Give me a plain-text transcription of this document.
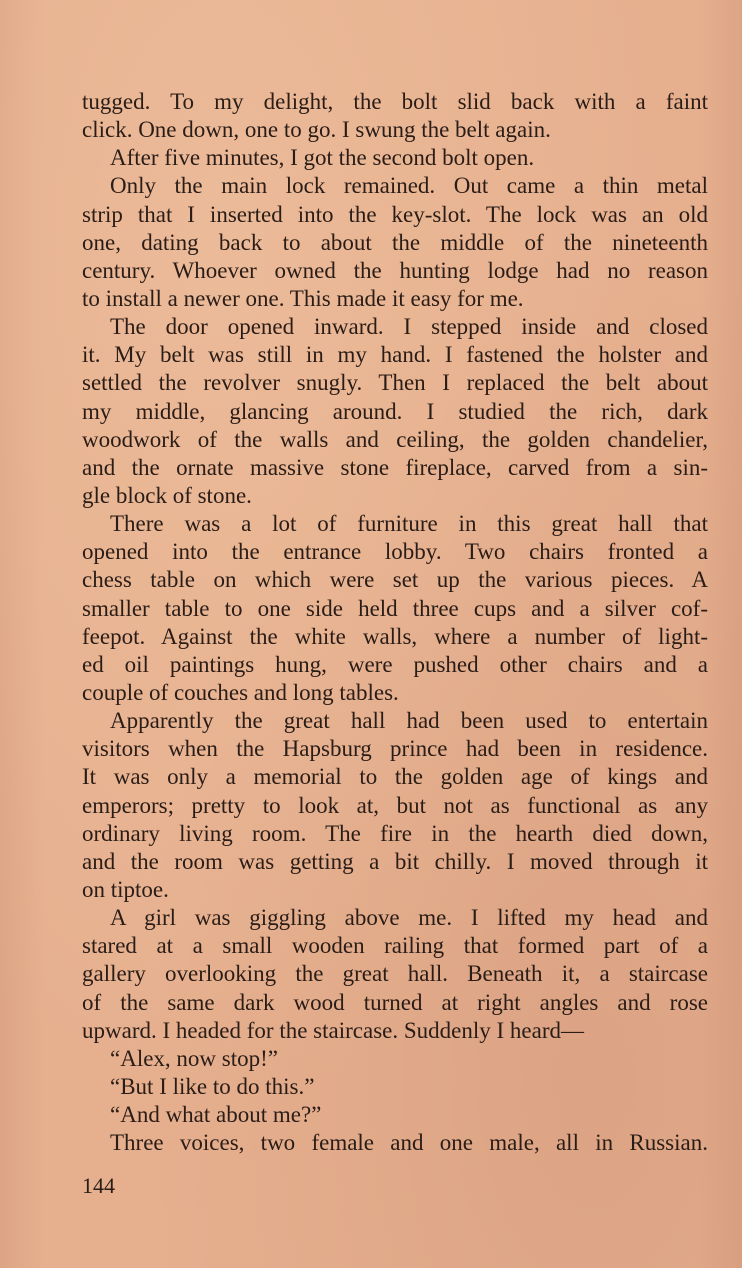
tugged. To my delight, the bolt slid back with a faint
click. One down, one to go. I swung the belt again.
After five minutes, I got the second bolt open.
Only the main lock remained. Out came a thin metal
strip that I inserted into the key-slot. The lock was an old
one, dating back to about the middle of the nineteenth
century. Whoever owned the hunting lodge had no reason
to install a newer one. This made it easy for me.
The door opened inward. I stepped inside and closed
it. My belt was still in my hand. I fastened the holster and
settled the revolver snugly. Then I replaced the belt about
my middle, glancing around. I studied the rich, dark
woodwork of the walls and ceiling, the golden chandelier,
and the ornate massive stone fireplace, carved from a sin-
gle block of stone.
There was a lot of furniture in this great hall that
opened into the entrance lobby. Two chairs fronted a
chess table on which were set up the various pieces. A
smaller table to one side held three cups and a silver cof-
feepot. Against the white walls, where a number of light-
ed oil paintings hung, were pushed other chairs and a
couple of couches and long tables.
Apparently the great hall had been used to entertain
visitors when the Hapsburg prince had been in residence.
It was only a memorial to the golden age of kings and
emperors; pretty to look at, but not as functional as any
ordinary living room. The fire in the hearth died down,
and the room was getting a bit chilly. I moved through it
on tiptoe.
A girl was giggling above me. I lifted my head and
stared at a small wooden railing that formed part of a
gallery overlooking the great hall. Beneath it, a staircase
of the same dark wood turned at right angles and rose
upward. I headed for the staircase. Suddenly I heard—
“Alex, now stop!”
“But I like to do this.”
“And what about me?”
Three voices, two female and one male, all in Russian.
144
